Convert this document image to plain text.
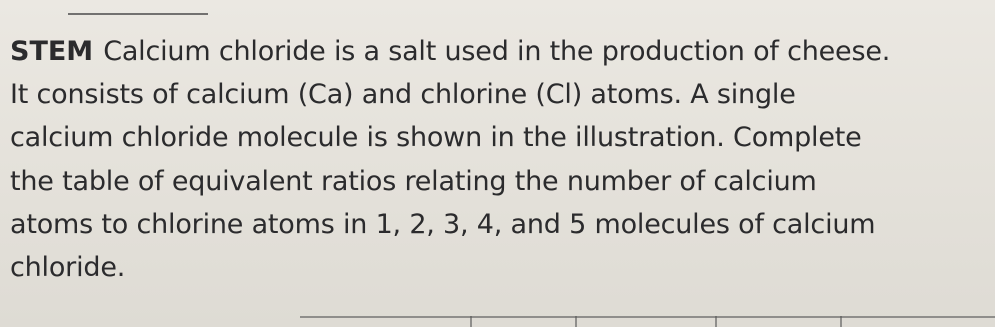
STEM Calcium chloride is a salt used in the production of cheese.
It consists of calcium (Ca) and chlorine (Cl) atoms. A single
calcium chloride molecule is shown in the illustration. Complete
the table of equivalent ratios relating the number of calcium
atoms to chlorine atoms in 1, 2, 3, 4, and 5 molecules of calcium
chloride.
